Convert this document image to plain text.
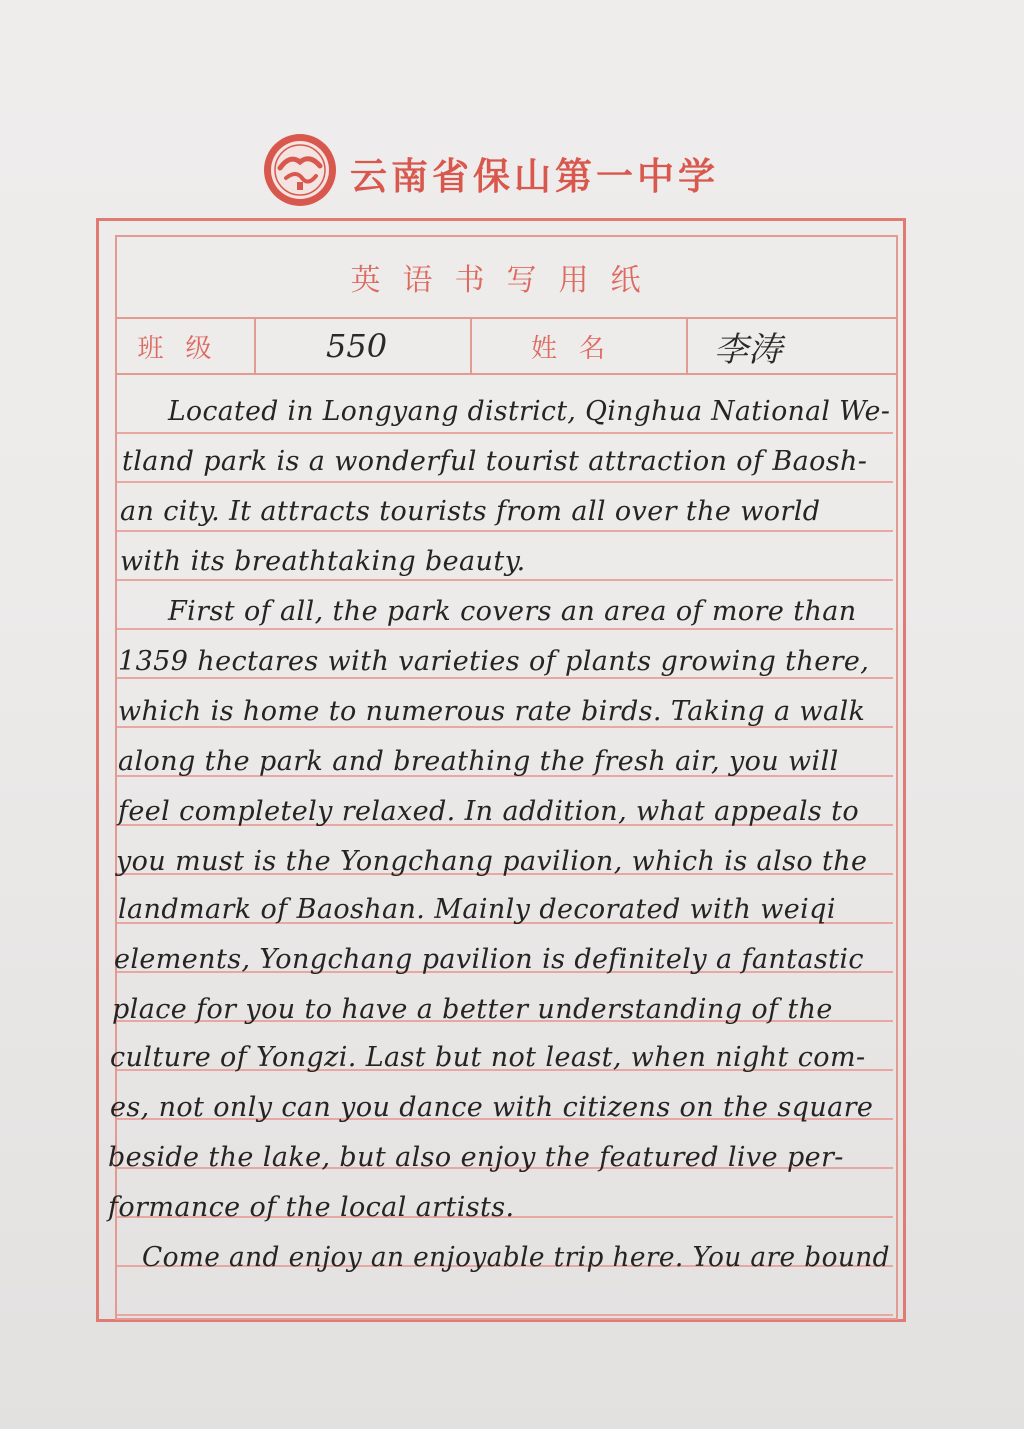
云南省保山第一中学
英语书写用纸
班级	550	姓名	李涛
Located in Longyang district, Qinghua National We-
tland park is a wonderful tourist attraction of Baosh-
an city. It attracts tourists from all over the world
with its breathtaking beauty.
First of all, the park covers an area of more than
1359 hectares with varieties of plants growing there,
which is home to numerous rate birds. Taking a walk
along the park and breathing the fresh air, you will
feel completely relaxed. In addition, what appeals to
you must is the Yongchang pavilion, which is also the
landmark of Baoshan. Mainly decorated with weiqi
elements, Yongchang pavilion is definitely a fantastic
place for you to have a better understanding of the
culture of Yongzi. Last but not least, when night com-
es, not only can you dance with citizens on the square
beside the lake, but also enjoy the featured live per-
formance of the local artists.
Come and enjoy an enjoyable trip here. You are bound
